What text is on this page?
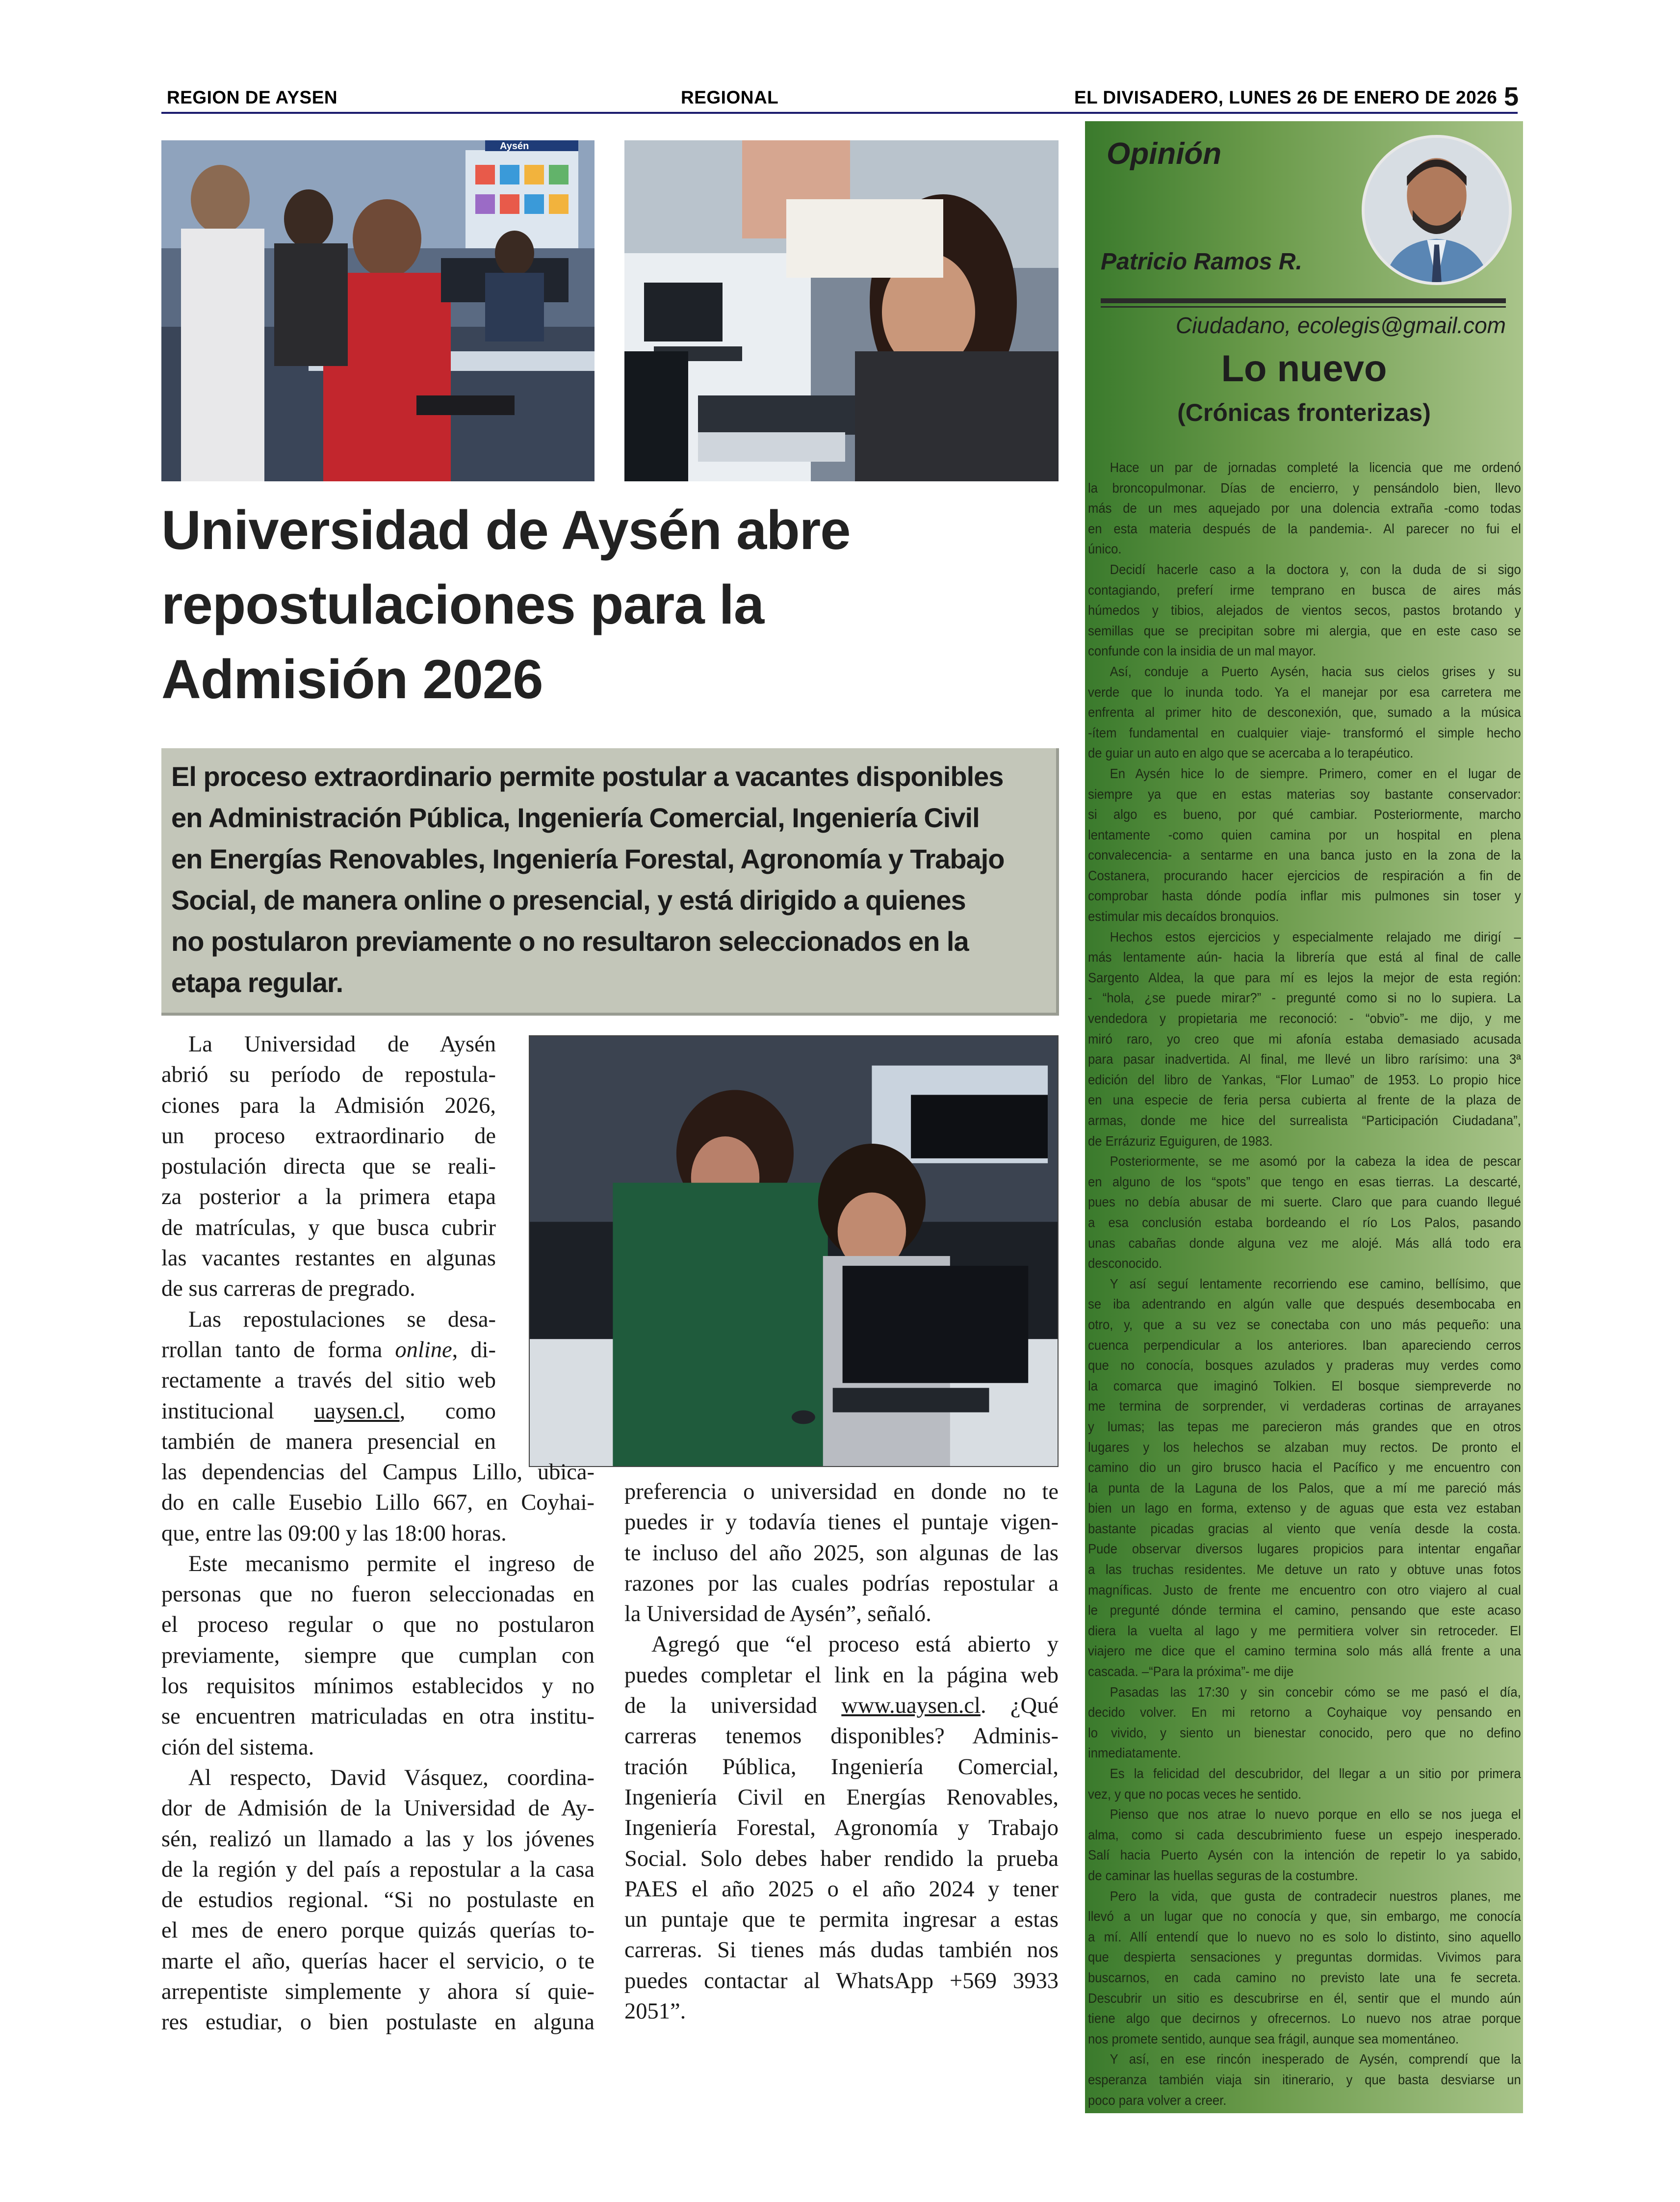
REGION DE AYSEN	REGIONAL	EL DIVISADERO, LUNES 26 DE ENERO DE 2026 5
Aysén
Universidad de Aysén abre
repostulaciones para la
Admisión 2026
El proceso extraordinario permite postular a vacantes disponibles
en Administración Pública, Ingeniería Comercial, Ingeniería Civil
en Energías Renovables, Ingeniería Forestal, Agronomía y Trabajo
Social, de manera online o presencial, y está dirigido a quienes
no postularon previamente o no resultaron seleccionados en la
etapa regular.
La Universidad de Aysén
abrió su período de repostula-
ciones para la Admisión 2026,
un proceso extraordinario de
postulación directa que se reali-
za posterior a la primera etapa
de matrículas, y que busca cubrir
las vacantes restantes en algunas
de sus carreras de pregrado.
Las repostulaciones se desa-
rrollan tanto de forma online, di-
rectamente a través del sitio web
institucional uaysen.cl, como
también de manera presencial en
las dependencias del Campus Lillo, ubica-
do en calle Eusebio Lillo 667, en Coyhai-
que, entre las 09:00 y las 18:00 horas.
Este mecanismo permite el ingreso de
personas que no fueron seleccionadas en
el proceso regular o que no postularon
previamente, siempre que cumplan con
los requisitos mínimos establecidos y no
se encuentren matriculadas en otra institu-
ción del sistema.
Al respecto, David Vásquez, coordina-
dor de Admisión de la Universidad de Ay-
sén, realizó un llamado a las y los jóvenes
de la región y del país a repostular a la casa
de estudios regional. “Si no postulaste en
el mes de enero porque quizás querías to-
marte el año, querías hacer el servicio, o te
arrepentiste simplemente y ahora sí quie-
res estudiar, o bien postulaste en alguna
preferencia o universidad en donde no te
puedes ir y todavía tienes el puntaje vigen-
te incluso del año 2025, son algunas de las
razones por las cuales podrías repostular a
la Universidad de Aysén”, señaló.
Agregó que “el proceso está abierto y
puedes completar el link en la página web
de la universidad www.uaysen.cl. ¿Qué
carreras tenemos disponibles? Adminis-
tración Pública, Ingeniería Comercial,
Ingeniería Civil en Energías Renovables,
Ingeniería Forestal, Agronomía y Trabajo
Social. Solo debes haber rendido la prueba
PAES el año 2025 o el año 2024 y tener
un puntaje que te permita ingresar a estas
carreras. Si tienes más dudas también nos
puedes contactar al WhatsApp +569 3933
2051”.
Opinión
Patricio Ramos R.
Ciudadano, ecolegis@gmail.com
Lo nuevo
(Crónicas fronterizas)
Hace un par de jornadas completé la licencia que me ordenó
la broncopulmonar. Días de encierro, y pensándolo bien, llevo
más de un mes aquejado por una dolencia extraña -como todas
en esta materia después de la pandemia-. Al parecer no fui el
único.
Decidí hacerle caso a la doctora y, con la duda de si sigo
contagiando, preferí irme temprano en busca de aires más
húmedos y tibios, alejados de vientos secos, pastos brotando y
semillas que se precipitan sobre mi alergia, que en este caso se
confunde con la insidia de un mal mayor.
Así, conduje a Puerto Aysén, hacia sus cielos grises y su
verde que lo inunda todo. Ya el manejar por esa carretera me
enfrenta al primer hito de desconexión, que, sumado a la música
-ítem fundamental en cualquier viaje- transformó el simple hecho
de guiar un auto en algo que se acercaba a lo terapéutico.
En Aysén hice lo de siempre. Primero, comer en el lugar de
siempre ya que en estas materias soy bastante conservador:
si algo es bueno, por qué cambiar. Posteriormente, marcho
lentamente -como quien camina por un hospital en plena
convalecencia- a sentarme en una banca justo en la zona de la
Costanera, procurando hacer ejercicios de respiración a fin de
comprobar hasta dónde podía inflar mis pulmones sin toser y
estimular mis decaídos bronquios.
Hechos estos ejercicios y especialmente relajado me dirigí –
más lentamente aún- hacia la librería que está al final de calle
Sargento Aldea, la que para mí es lejos la mejor de esta región:
- “hola, ¿se puede mirar?” - pregunté como si no lo supiera. La
vendedora y propietaria me reconoció: - “obvio”- me dijo, y me
miró raro, yo creo que mi afonía estaba demasiado acusada
para pasar inadvertida. Al final, me llevé un libro rarísimo: una 3ª
edición del libro de Yankas, “Flor Lumao” de 1953. Lo propio hice
en una especie de feria persa cubierta al frente de la plaza de
armas, donde me hice del surrealista “Participación Ciudadana”,
de Errázuriz Eguiguren, de 1983.
Posteriormente, se me asomó por la cabeza la idea de pescar
en alguno de los “spots” que tengo en esas tierras. La descarté,
pues no debía abusar de mi suerte. Claro que para cuando llegué
a esa conclusión estaba bordeando el río Los Palos, pasando
unas cabañas donde alguna vez me alojé. Más allá todo era
desconocido.
Y así seguí lentamente recorriendo ese camino, bellísimo, que
se iba adentrando en algún valle que después desembocaba en
otro, y, que a su vez se conectaba con uno más pequeño: una
cuenca perpendicular a los anteriores. Iban apareciendo cerros
que no conocía, bosques azulados y praderas muy verdes como
la comarca que imaginó Tolkien. El bosque siempreverde no
me termina de sorprender, vi verdaderas cortinas de arrayanes
y lumas; las tepas me parecieron más grandes que en otros
lugares y los helechos se alzaban muy rectos. De pronto el
camino dio un giro brusco hacia el Pacífico y me encuentro con
la punta de la Laguna de los Palos, que a mí me pareció más
bien un lago en forma, extenso y de aguas que esta vez estaban
bastante picadas gracias al viento que venía desde la costa.
Pude observar diversos lugares propicios para intentar engañar
a las truchas residentes. Me detuve un rato y obtuve unas fotos
magníficas. Justo de frente me encuentro con otro viajero al cual
le pregunté dónde termina el camino, pensando que este acaso
diera la vuelta al lago y me permitiera volver sin retroceder. El
viajero me dice que el camino termina solo más allá frente a una
cascada. –“Para la próxima”- me dije
Pasadas las 17:30 y sin concebir cómo se me pasó el día,
decido volver. En mi retorno a Coyhaique voy pensando en
lo vivido, y siento un bienestar conocido, pero que no defino
inmediatamente.
Es la felicidad del descubridor, del llegar a un sitio por primera
vez, y que no pocas veces he sentido.
Pienso que nos atrae lo nuevo porque en ello se nos juega el
alma, como si cada descubrimiento fuese un espejo inesperado.
Salí hacia Puerto Aysén con la intención de repetir lo ya sabido,
de caminar las huellas seguras de la costumbre.
Pero la vida, que gusta de contradecir nuestros planes, me
llevó a un lugar que no conocía y que, sin embargo, me conocía
a mí. Allí entendí que lo nuevo no es solo lo distinto, sino aquello
que despierta sensaciones y preguntas dormidas. Vivimos para
buscarnos, en cada camino no previsto late una fe secreta.
Descubrir un sitio es descubrirse en él, sentir que el mundo aún
tiene algo que decirnos y ofrecernos. Lo nuevo nos atrae porque
nos promete sentido, aunque sea frágil, aunque sea momentáneo.
Y así, en ese rincón inesperado de Aysén, comprendí que la
esperanza también viaja sin itinerario, y que basta desviarse un
poco para volver a creer.
